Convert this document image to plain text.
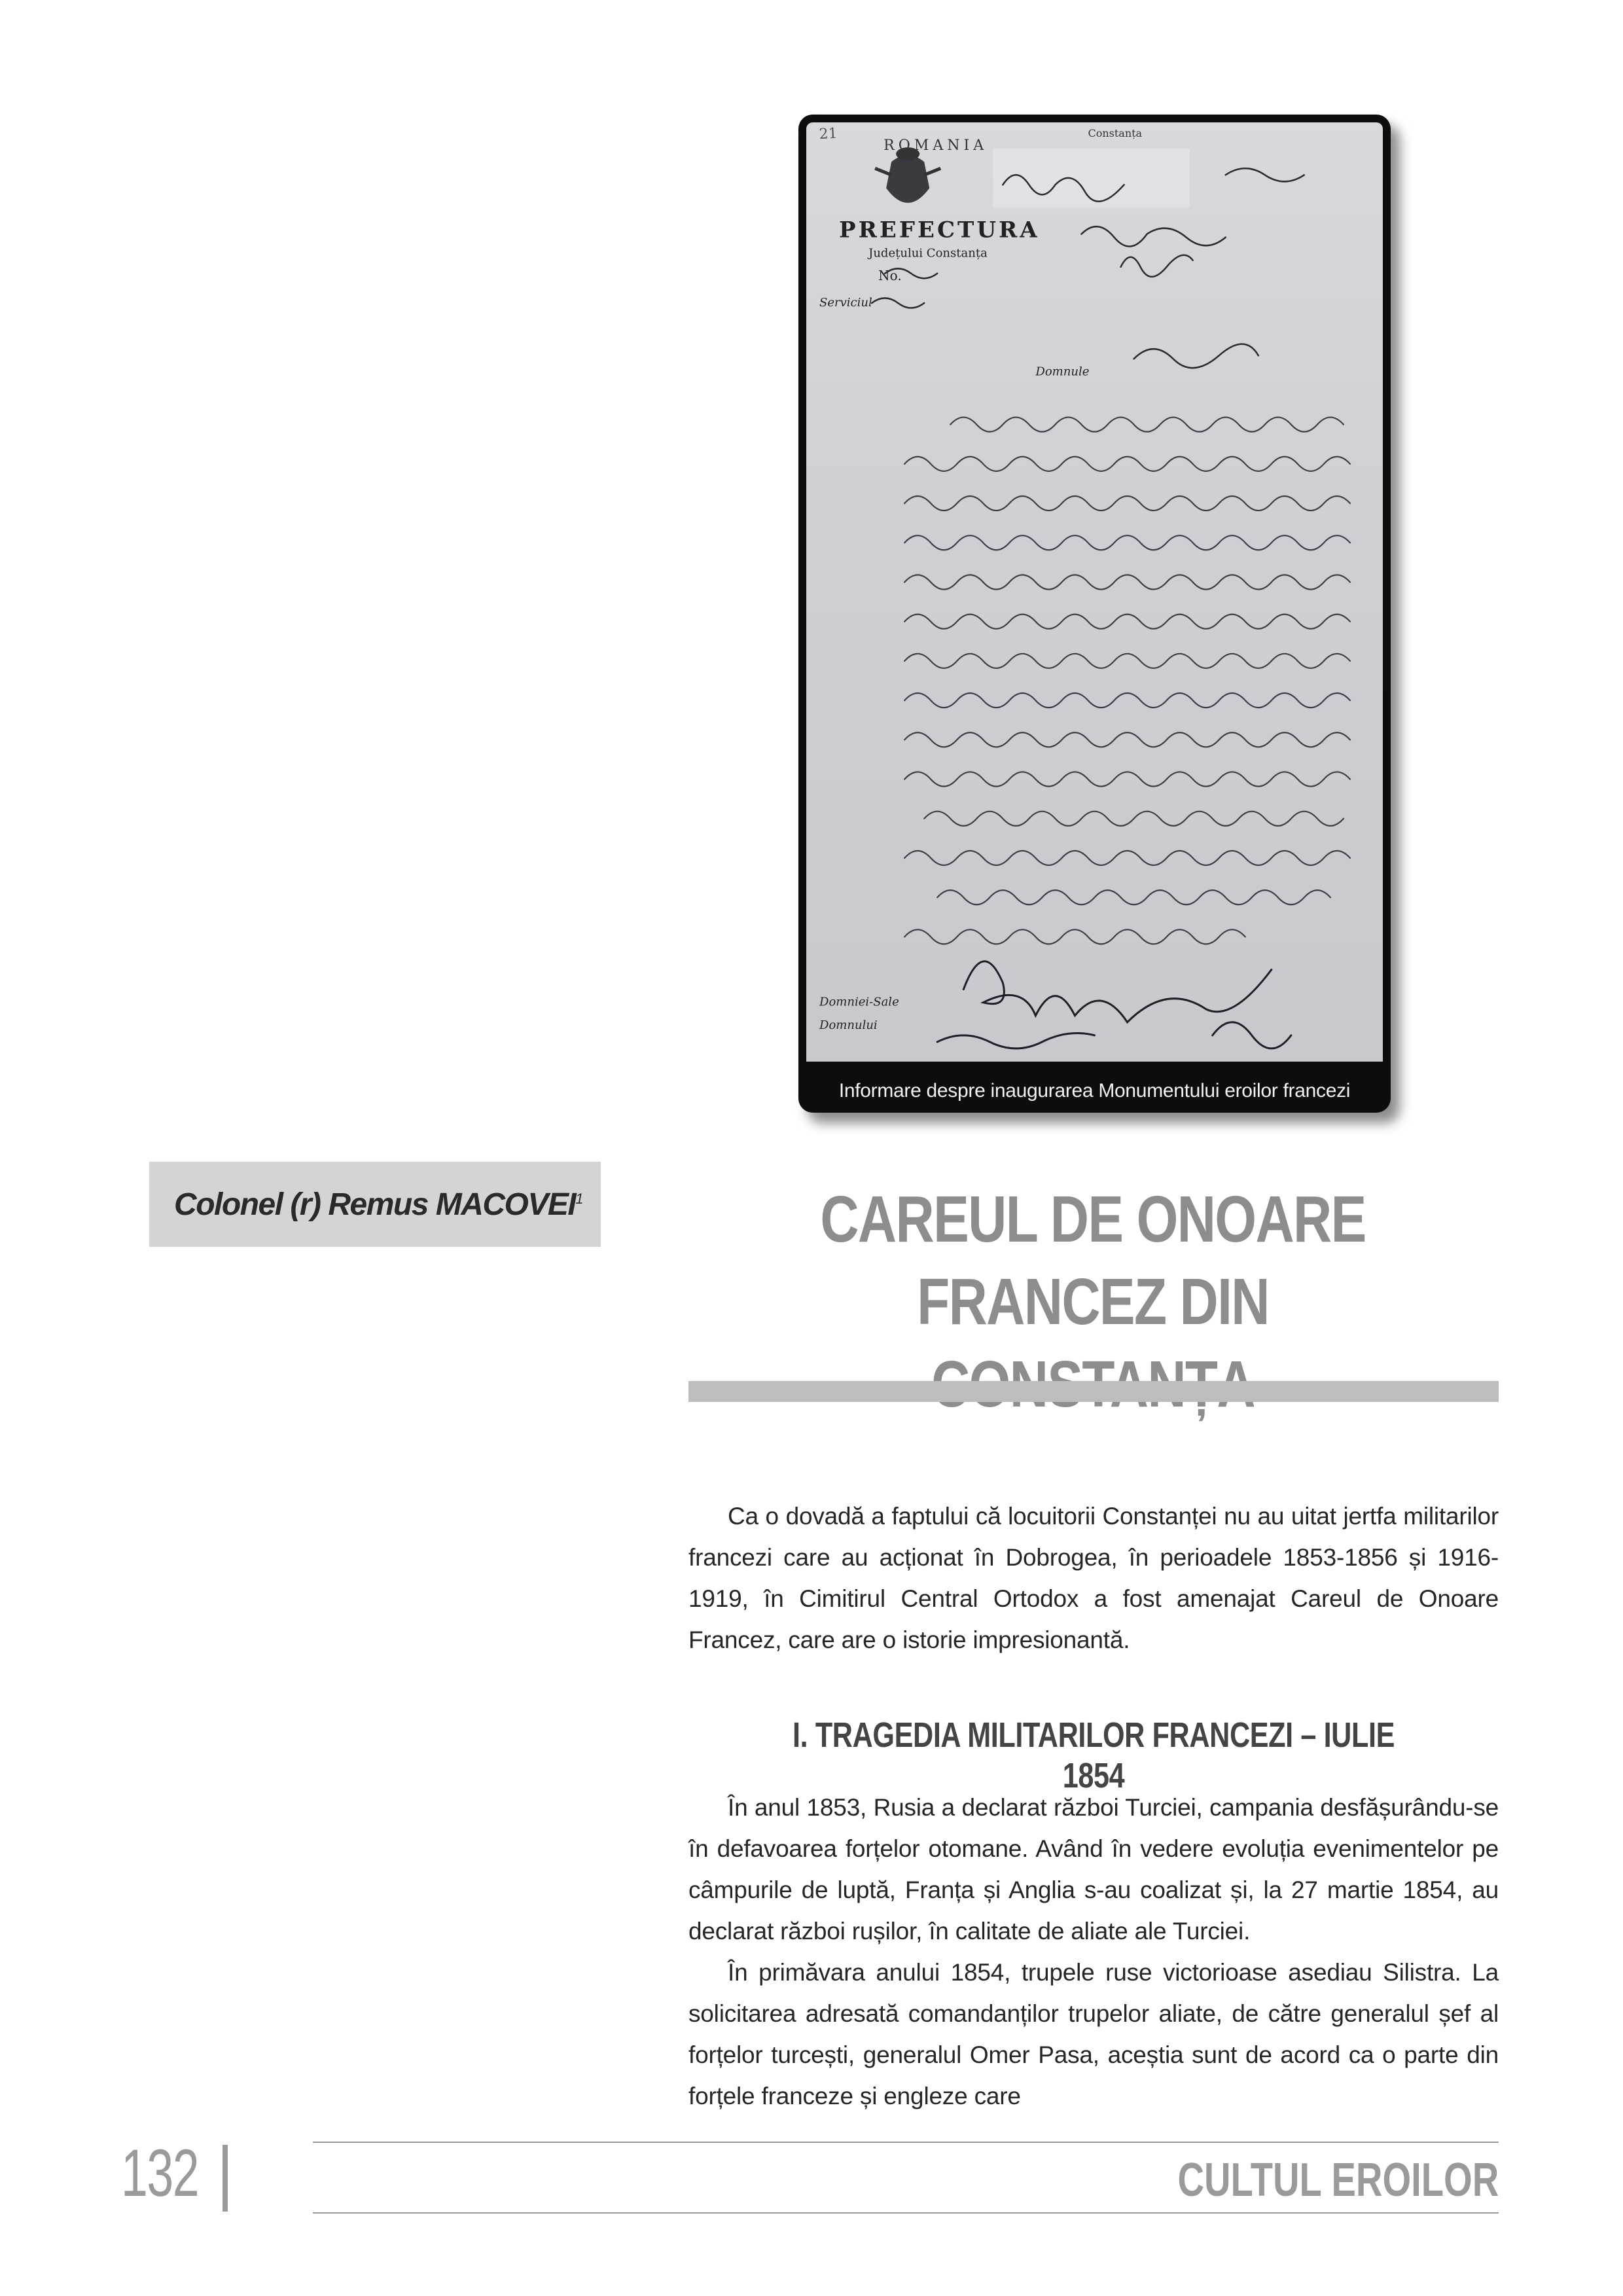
21
ROMANIA
PREFECTURA
Județului Constanța
No.
Serviciul
Constanța
Domnule
Domniei-Sale
Domnului
Informare despre inaugurarea Monumentului eroilor francezi
Colonel (r) Remus MACOVEI$^1$	CAREUL DE ONOARE FRANCEZ DIN

Ca o dovadă a faptului că locuitorii Constanței nu au uitat jertfa militarilor francezi care au acționat în Dobrogea, în perioadele 1853-1856 și 1916-1919, în Cimitirul Central Ortodox a fost amenajat Careul de Onoare Francez, care are o istorie impresionantă.

I. TRAGEDIA MILITARILOR FRANCEZI – IULIE 1854

În anul 1853, Rusia a declarat război Turciei, campania desfășurându-se în defavoarea forțelor otomane. Având în vedere evoluția evenimentelor pe câmpurile de luptă, Franța și Anglia s-au coalizat și, la 27 martie 1854, au declarat război rușilor, în calitate de aliate ale Turciei.

În primăvara anului 1854, trupele ruse victorioase asediau Silistra. La solicitarea adresată comandanților trupelor aliate, de către generalul șef al forțelor turcești, generalul Omer Pasa, aceștia sunt de acord ca o parte din forțele franceze și engleze care

132	CULTUL EROILOR
